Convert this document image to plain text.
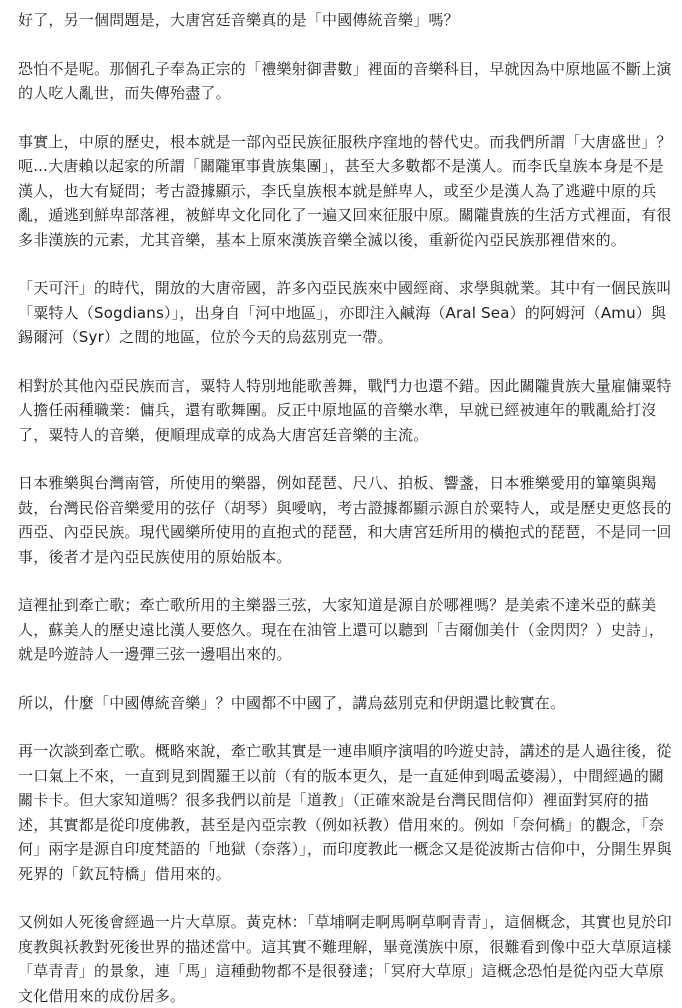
好了，另一個問題是，大唐宮廷音樂真的是「中國傳統音樂」嗎？

恐怕不是呢。那個孔子奉為正宗的「禮樂射御書數」裡面的音樂科目，早就因為中原地區不斷上演的人吃人亂世，而失傳殆盡了。

事實上，中原的歷史，根本就是一部內亞民族征服秩序窪地的替代史。而我們所謂「大唐盛世」？呃...大唐賴以起家的所謂「關隴軍事貴族集團」，甚至大多數都不是漢人。而李氏皇族本身是不是漢人，也大有疑問；考古證據顯示，李氏皇族根本就是鮮卑人，或至少是漢人為了逃避中原的兵亂，遁逃到鮮卑部落裡，被鮮卑文化同化了一遍又回來征服中原。關隴貴族的生活方式裡面，有很多非漢族的元素，尤其音樂，基本上原來漢族音樂全滅以後，重新從內亞民族那裡借來的。

「天可汗」的時代，開放的大唐帝國，許多內亞民族來中國經商、求學與就業。其中有一個民族叫「粟特人（Sogdians）」，出身自「河中地區」，亦即注入鹹海（Aral Sea）的阿姆河（Amu）與錫爾河（Syr）之間的地區，位於今天的烏茲別克一帶。

相對於其他內亞民族而言，粟特人特別地能歌善舞，戰鬥力也還不錯。因此關隴貴族大量雇傭粟特人擔任兩種職業：傭兵，還有歌舞團。反正中原地區的音樂水準，早就已經被連年的戰亂給打沒了，粟特人的音樂，便順理成章的成為大唐宮廷音樂的主流。

日本雅樂與台灣南管，所使用的樂器，例如琵琶、尺八、拍板、響盞，日本雅樂愛用的篳篥與羯鼓，台灣民俗音樂愛用的弦仔（胡琴）與噯吶，考古證據都顯示源自於粟特人，或是歷史更悠長的西亞、內亞民族。現代國樂所使用的直抱式的琵琶，和大唐宮廷所用的橫抱式的琵琶，不是同一回事，後者才是內亞民族使用的原始版本。

這裡扯到牽亡歌；牽亡歌所用的主樂器三弦，大家知道是源自於哪裡嗎？是美索不達米亞的蘇美人，蘇美人的歷史遠比漢人要悠久。現在在油管上還可以聽到「吉爾伽美什（金閃閃？）史詩」，就是吟遊詩人一邊彈三弦一邊唱出來的。

所以，什麼「中國傳統音樂」？中國都不中國了，講烏茲別克和伊朗還比較實在。

再一次談到牽亡歌。概略來說，牽亡歌其實是一連串順序演唱的吟遊史詩，講述的是人過往後，從一口氣上不來，一直到見到閻羅王以前（有的版本更久，是一直延伸到喝孟婆湯），中間經過的關關卡卡。但大家知道嗎？很多我們以前是「道教」（正確來說是台灣民間信仰）裡面對冥府的描述，其實都是從印度佛教，甚至是內亞宗教（例如袄教）借用來的。例如「奈何橋」的觀念，「奈何」兩字是源自印度梵語的「地獄（奈落）」，而印度教此一概念又是從波斯古信仰中，分開生界與死界的「欽瓦特橋」借用來的。

又例如人死後會經過一片大草原。黃克林：「草埔啊走啊馬啊草啊青青」，這個概念，其實也見於印度教與袄教對死後世界的描述當中。這其實不難理解，畢竟漢族中原，很難看到像中亞大草原這樣「草青青」的景象，連「馬」這種動物都不是很發達；「冥府大草原」這概念恐怕是從內亞大草原文化借用來的成份居多。
